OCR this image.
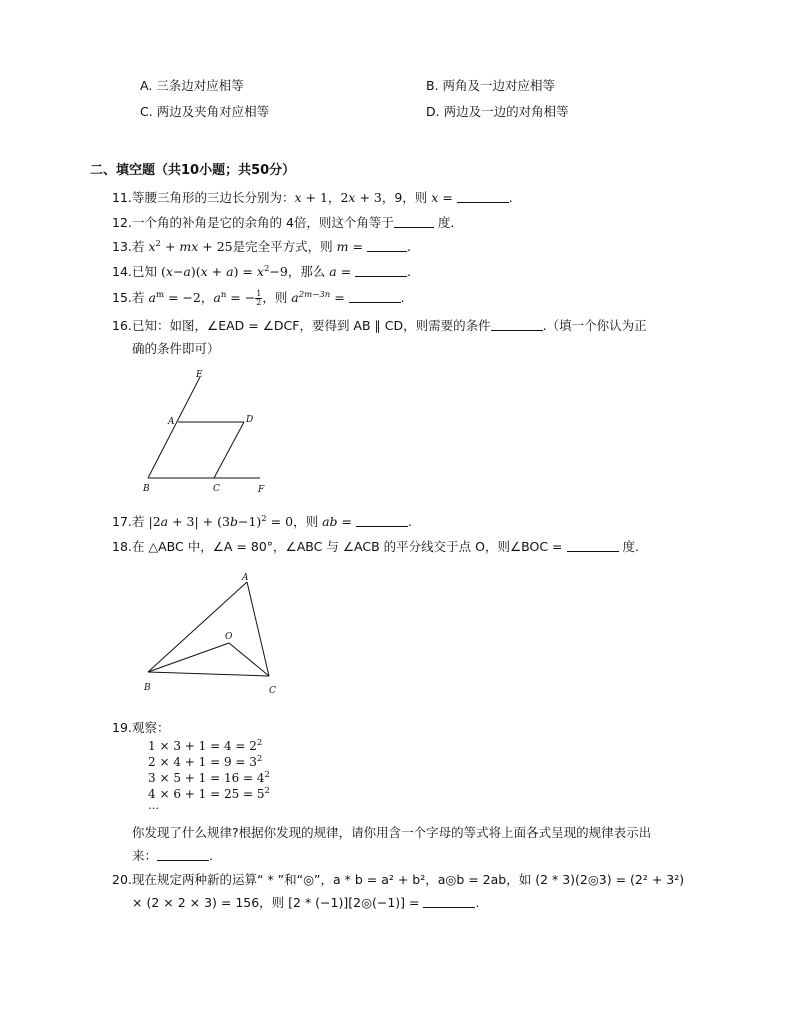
A. 三条边对应相等	B. 两角及一边对应相等
C. 两边及夹角对应相等	D. 两边及一边的对角相等
二、填空题（共10小题；共50分）
11.等腰三角形的三边长分别为：x + 1，2x + 3，9，则 x =	.
12.一个角的补角是它的余角的 4倍，则这个角等于	度.
13.若 $x^2$ + mx + 25是完全平方式，则 m =	.
14.已知 $(x-a)(x + a) = x^2-9$，那么 a =	.
15.若 $a^m = -2$，$a^n$ = − $\frac{1}{2}$ ，则 $a^{2m-3n}$ =	.
16.已知：如图，∠EAD = ∠DCF，要得到 AB ∥ CD，则需要的条件	.（填一个你认为正
确的条件即可）
E
A	D
B	C	F
17.若 $|2a + 3| + (3b-1)^2 = 0$，则 ab =	.
18.在 △ABC 中，∠A = 80°，∠ABC 与 ∠ACB 的平分线交于点 O，则∠BOC =	度.
A
O
B	C
19.观察：
$1 \times 3 + 1 = 4 = 2^2$
$2 \times 4 + 1 = 9 = 3^2$
$3 \times 5 + 1 = 16 = 4^2$
$4 \times 6 + 1 = 25 = 5^2$
…
你发现了什么规律?根据你发现的规律，请你用含一个字母的等式将上面各式呈现的规律表示出
来：	.
20.现在规定两种新的运算“ * ”和“◎”，a * b = a² + b²，a◎b = 2ab，如 (2 * 3)(2◎3) = (2² + 3²)
× (2 × 2 × 3) = 156，则 [2 * (−1)][2◎(−1)] =	.
